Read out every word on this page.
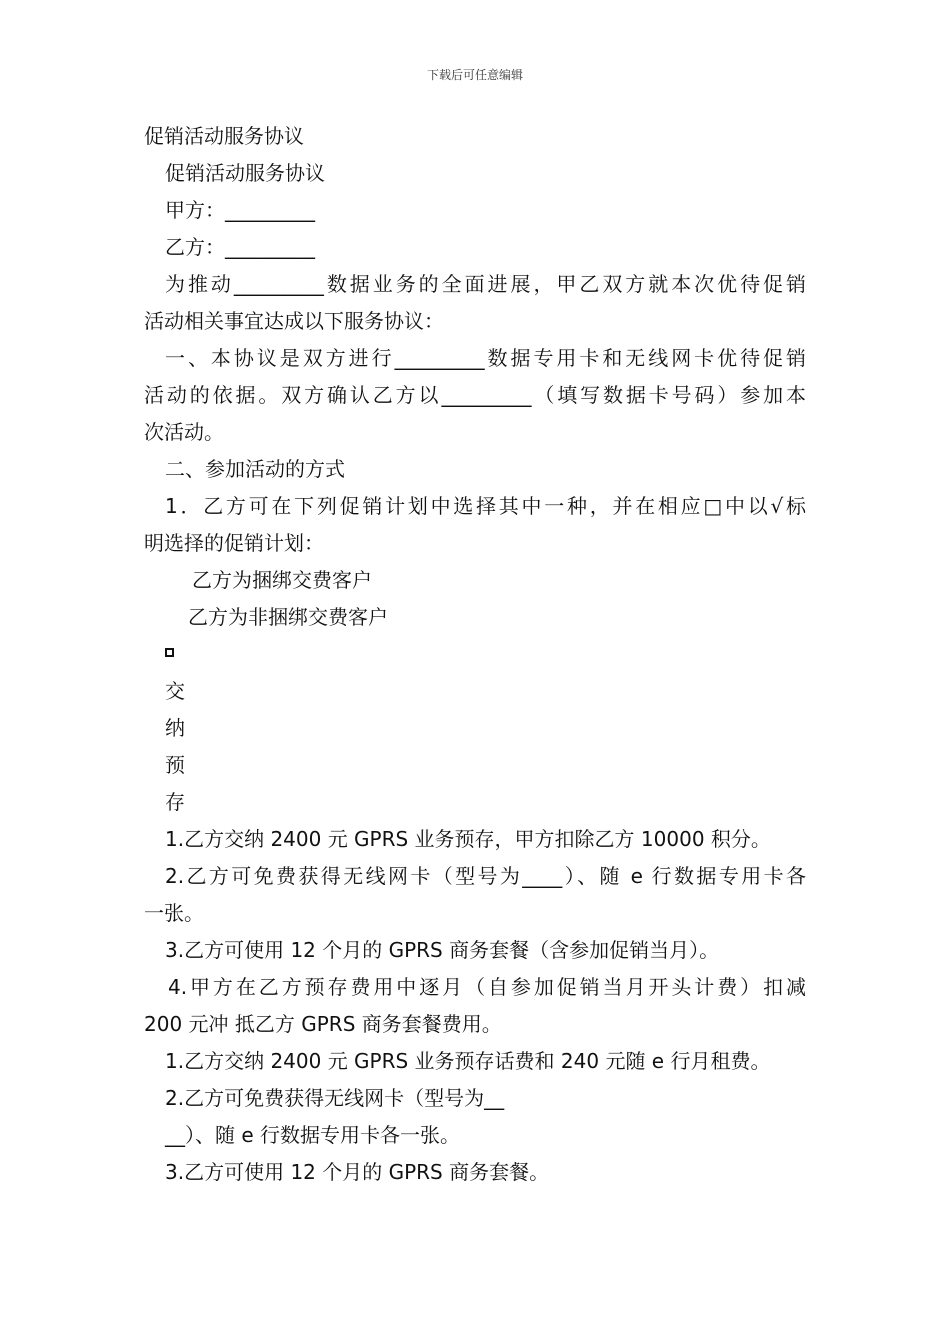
下载后可任意编辑
促销活动服务协议
促销活动服务协议
甲方：_________
乙方：_________
为推动_________数据业务的全面进展，甲乙双方就本次优待促销
活动相关事宜达成以下服务协议：
一、本协议是双方进行_________数据专用卡和无线网卡优待促销
活动的依据。双方确认乙方以_________（填写数据卡号码）参加本
次活动。
二、参加活动的方式
1．乙方可在下列促销计划中选择其中一种，并在相应□中以√标
明选择的促销计划：
乙方为捆绑交费客户
乙方为非捆绑交费客户
交
纳
预
存
1.乙方交纳 2400 元 GPRS 业务预存，甲方扣除乙方 10000 积分。
2.乙方可免费获得无线网卡（型号为____）、随 e 行数据专用卡各
一张。
3.乙方可使用 12 个月的 GPRS 商务套餐（含参加促销当月）。
4.甲方在乙方预存费用中逐月（自参加促销当月开头计费）扣减
200 元冲 抵乙方 GPRS 商务套餐费用。
1.乙方交纳 2400 元 GPRS 业务预存话费和 240 元随 e 行月租费。
2.乙方可免费获得无线网卡（型号为__
__）、随 e 行数据专用卡各一张。
3.乙方可使用 12 个月的 GPRS 商务套餐。
